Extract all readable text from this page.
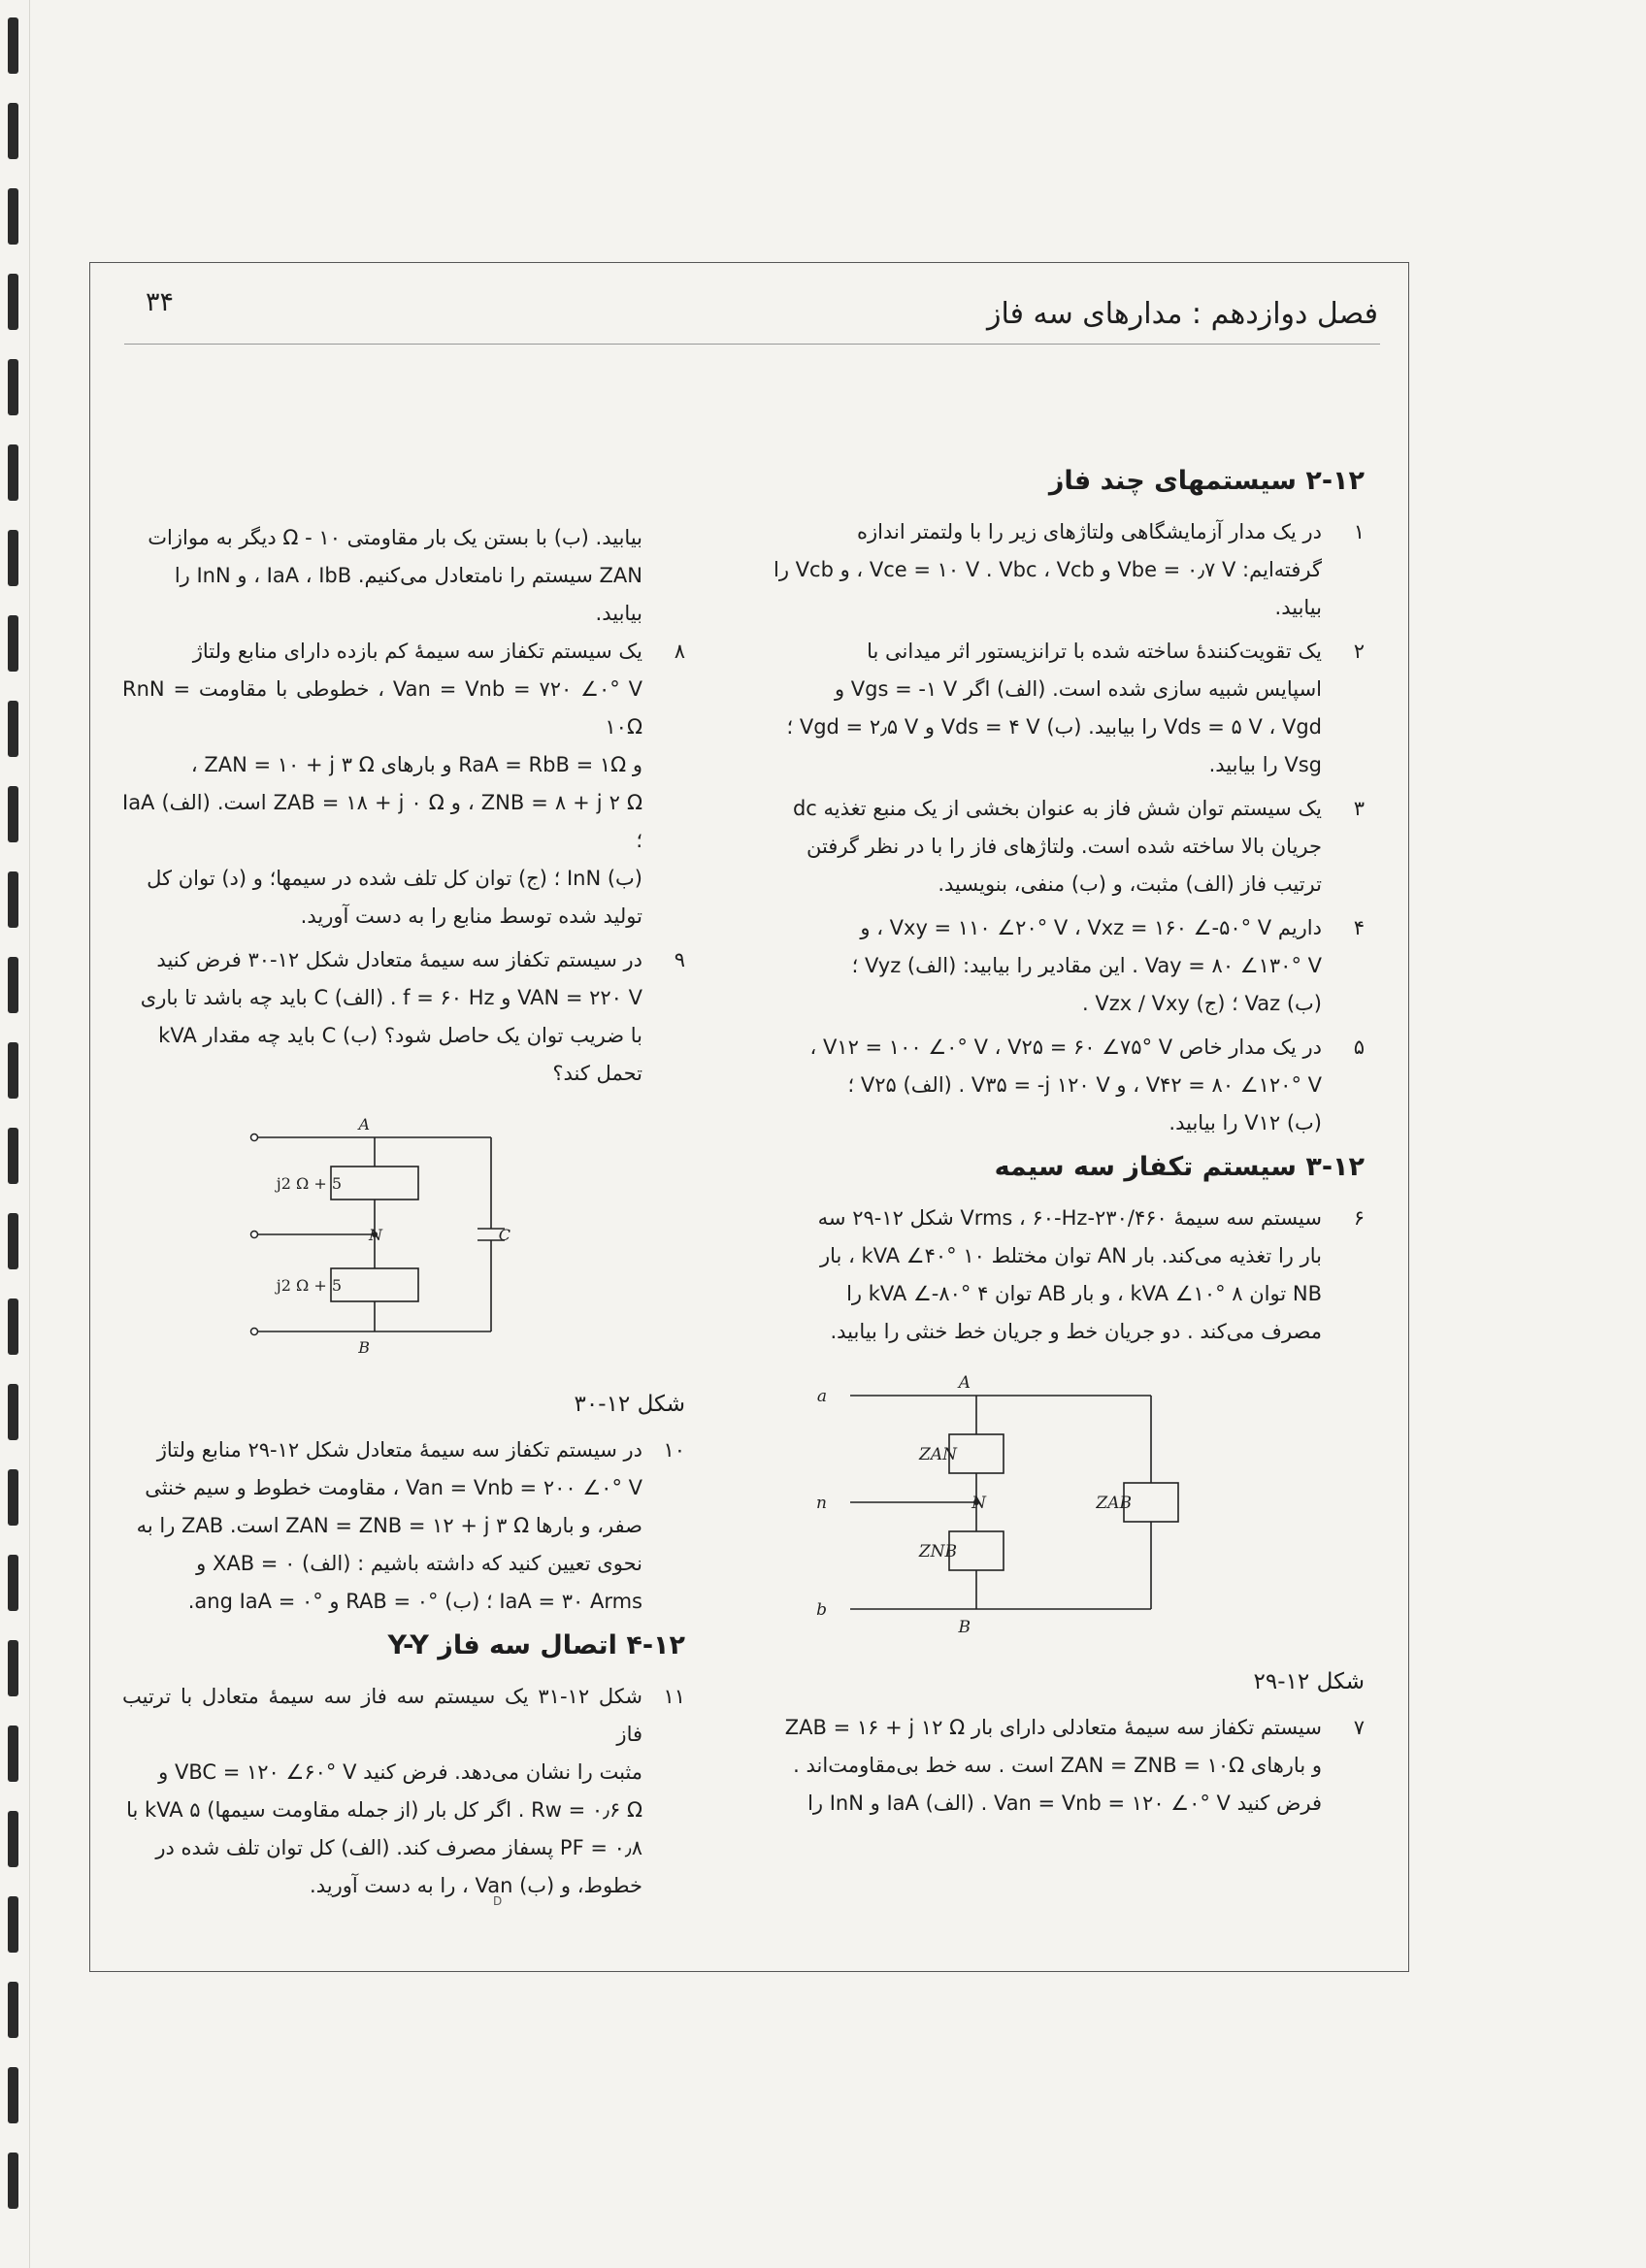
۳۴	فصل دوازدهم : مدارهای سه فاز
۲-۱۲ سیستمهای چند فاز
۱

در یک مدار آزمایشگاهی ولتاژهای زیر را با ولتمتر اندازه

گرفته‌ایم: Vbe = ۰٫۷ V و Vce = ۱۰ V . Vbc ، Vcb ، و Vcb را

بیابید.

۲

یک تقویت‌کنندهٔ ساخته شده با ترانزیستور اثر میدانی با

اسپایس شبیه سازی شده است. (الف) اگر Vgs = -۱ V و

Vds = ۵ V ، Vgd را بیابید. (ب) Vds = ۴ V و Vgd = ۲٫۵ V ؛

Vsg را بیابید.

۳

یک سیستم توان شش فاز به عنوان بخشی از یک منبع تغذیه dc

جریان بالا ساخته شده است. ولتاژهای فاز را با در نظر گرفتن

ترتیب فاز (الف) مثبت، و (ب) منفی، بنویسید.

۴

داریم Vxy = ۱۱۰ ∠۲۰° V ، Vxz = ۱۶۰ ∠-۵۰° V ، و

Vay = ۸۰ ∠۱۳۰° V . این مقادیر را بیابید: (الف) Vyz ؛

(ب) Vaz ؛ (ج) Vzx / Vxy .

۵

در یک مدار خاص V۱۲ = ۱۰۰ ∠۰° V ، V۲۵ = ۶۰ ∠۷۵° V ،

V۴۲ = ۸۰ ∠۱۲۰° V ، و V۳۵ = -j ۱۲۰ V . (الف) V۲۵ ؛

(ب) V۱۲ را بیابید.

۳-۱۲ سیستم تکفاز سه سیمه
۶

سیستم سه سیمهٔ ۲۳۰/۴۶۰-Vrms ، ۶۰-Hz شکل ۱۲-۲۹ سه

بار را تغذیه می‌کند. بار AN توان مختلط ۱۰ kVA ∠۴۰° ، بار

NB توان ۸ kVA ∠۱۰° ، و بار AB توان ۴ kVA ∠-۸۰° را

مصرف می‌کند . دو جریان خط و جریان خط خنثی را بیابید.

a
n
b
A
N
B
ZAN
ZNB
ZAB
شکل ۱۲-۲۹
۷

سیستم تکفاز سه سیمهٔ متعادلی دارای بار ZAB = ۱۶ + j ۱۲ Ω

و بارهای ZAN = ZNB = ۱۰Ω است . سه خط بی‌مقاومت‌اند .

فرض کنید Van = Vnb = ۱۲۰ ∠۰° V . (الف) IaA و InN را

بیابید. (ب) با بستن یک بار مقاومتی ۱۰ - Ω دیگر به موازات
ZAN سیستم را نامتعادل می‌کنیم. IaA ، IbB ، و InN را بیابید.
۸

یک سیستم تکفاز سه سیمهٔ کم بازده دارای منابع ولتاژ

Van = Vnb = ۷۲۰ ∠۰° V ، خطوطی با مقاومت RnN = ۱۰Ω

و RaA = RbB = ۱Ω و بارهای ZAN = ۱۰ + j ۳ Ω ،

ZNB = ۸ + j ۲ Ω ، و ZAB = ۱۸ + j ۰ Ω است. (الف) IaA ؛

(ب) InN ؛ (ج) توان کل تلف شده در سیمها؛ و (د) توان کل

تولید شده توسط منابع را به دست آورید.

۹

در سیستم تکفاز سه سیمهٔ متعادل شکل ۱۲-۳۰ فرض کنید

VAN = ۲۲۰ V و f = ۶۰ Hz . (الف) C باید چه باشد تا باری

با ضریب توان یک حاصل شود؟ (ب) C باید چه مقدار kVA

تحمل کند؟

A
N
B
5 + j2 Ω
5 + j2 Ω
C
شکل ۱۲-۳۰
۱۰

در سیستم تکفاز سه سیمهٔ متعادل شکل ۱۲-۲۹ منابع ولتاژ

Van = Vnb = ۲۰۰ ∠۰° V ، مقاومت خطوط و سیم خنثی

صفر، و بارها ZAN = ZNB = ۱۲ + j ۳ Ω است. ZAB را به

نحوی تعیین کنید که داشته باشیم : (الف) XAB = ۰ و

IaA = ۳۰ Arms ؛ (ب) RAB = ۰° و ang IaA = ۰°.

۴-۱۲ اتصال سه فاز Y-Y
۱۱

شکل ۱۲-۳۱ یک سیستم سه فاز سه سیمهٔ متعادل با ترتیب فاز

مثبت را نشان می‌دهد. فرض کنید VBC = ۱۲۰ ∠۶۰° V و

Rw = ۰٫۶ Ω . اگر کل بار (از جمله مقاومت سیمها) ۵ kVA با

PF = ۰٫۸ پسفاز مصرف کند. (الف) کل توان تلف شده در

خطوط، و (ب) Van ، را به دست آورید.

D
